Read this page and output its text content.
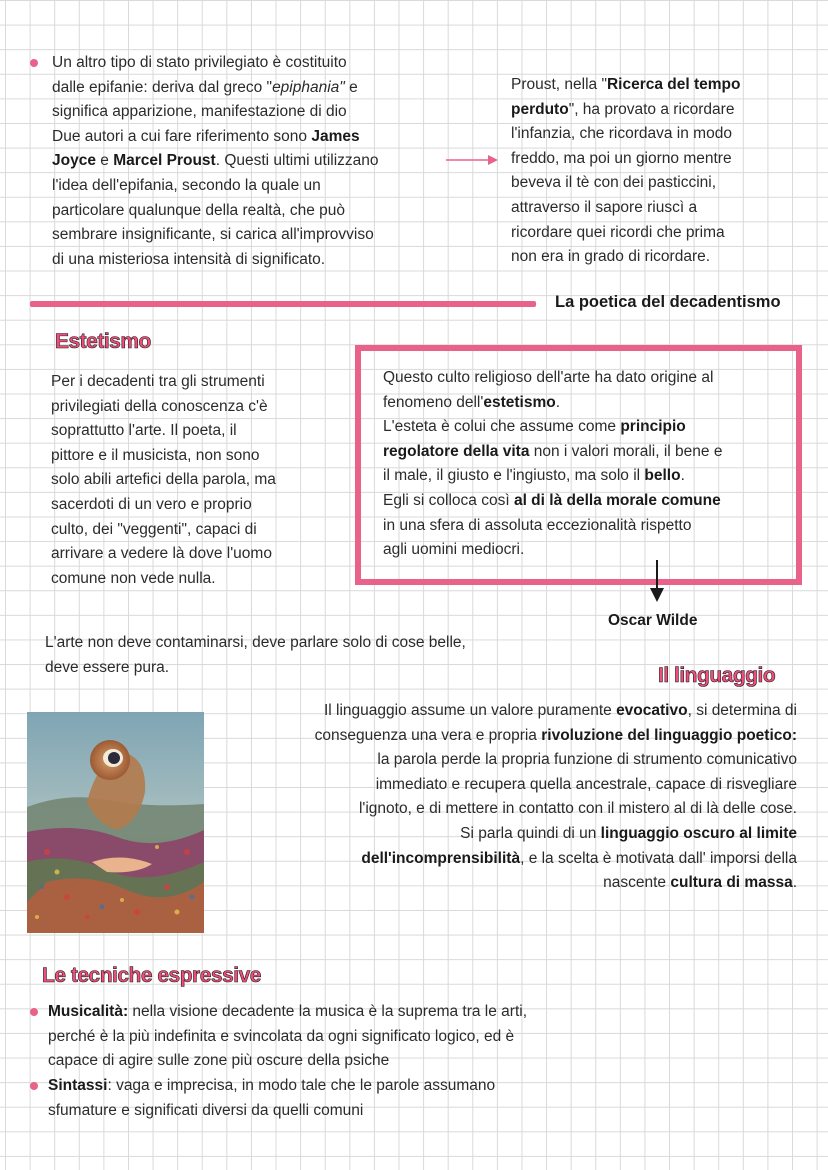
Un altro tipo di stato privilegiato è costituito
dalle epifanie: deriva dal greco "epiphania" e
significa apparizione, manifestazione di dio
Due autori a cui fare riferimento sono James
Joyce e Marcel Proust. Questi ultimi utilizzano
l'idea dell'epifania, secondo la quale un
particolare qualunque della realtà, che può
sembrare insignificante, si carica all'improvviso
di una misteriosa intensità di significato.
Proust, nella "Ricerca del tempo
perduto", ha provato a ricordare
l'infanzia, che ricordava in modo
freddo, ma poi un giorno mentre
beveva il tè con dei pasticcini,
attraverso il sapore riuscì a
ricordare quei ricordi che prima
non era in grado di ricordare.
La poetica del decadentismo
Estetismo
Per i decadenti tra gli strumenti
privilegiati della conoscenza c'è
soprattutto l'arte. Il poeta, il
pittore e il musicista, non sono
solo abili artefici della parola, ma
sacerdoti di un vero e proprio
culto, dei "veggenti", capaci di
arrivare a vedere là dove l'uomo
comune non vede nulla.
Questo culto religioso dell'arte ha dato origine al
fenomeno dell'estetismo.
L'esteta è colui che assume come principio
regolatore della vita non i valori morali, il bene e
il male, il giusto e l'ingiusto, ma solo il bello.
Egli si colloca così al di là della morale comune
in una sfera di assoluta eccezionalità rispetto
agli uomini mediocri.
Oscar Wilde
L'arte non deve contaminarsi, deve parlare solo di cose belle,
deve essere pura.	Il linguaggio
Il linguaggio assume un valore puramente evocativo, si determina di
conseguenza una vera e propria rivoluzione del linguaggio poetico:
la parola perde la propria funzione di strumento comunicativo
immediato e recupera quella ancestrale, capace di risvegliare
l'ignoto, e di mettere in contatto con il mistero al di là delle cose.
Si parla quindi di un linguaggio oscuro al limite
dell'incomprensibilità, e la scelta è motivata dall' imporsi della
nascente cultura di massa.
Le tecniche espressive
Musicalità: nella visione decadente la musica è la suprema tra le arti,
perché è la più indefinita e svincolata da ogni significato logico, ed è
capace di agire sulle zone più oscure della psiche
Sintassi: vaga e imprecisa, in modo tale che le parole assumano
sfumature e significati diversi da quelli comuni
